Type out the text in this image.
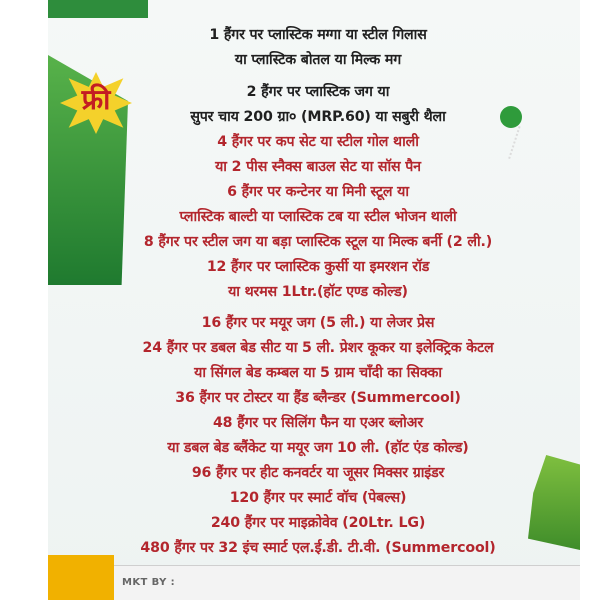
फ्री
1 हैंगर पर प्लास्टिक मग्गा या स्टील गिलास
या प्लास्टिक बोतल या मिल्क मग
2 हैंगर पर प्लास्टिक जग या
सुपर चाय 200 ग्रा० (MRP.60) या सबुरी थैला
4 हैंगर पर कप सेट या स्टील गोल थाली
या 2 पीस स्नैक्स बाउल सेट या सॉस पैन
6 हैंगर पर कन्टेनर या मिनी स्टूल या
प्लास्टिक बाल्टी या प्लास्टिक टब या स्टील भोजन थाली
8 हैंगर पर स्टील जग या बड़ा प्लास्टिक स्टूल या मिल्क बर्नी (2 ली.)
12 हैंगर पर प्लास्टिक कुर्सी या इमरशन रॉड
या थरमस 1Ltr.(हॉट एण्ड कोल्ड)
16 हैंगर पर मयूर जग (5 ली.) या लेजर प्रेस
24 हैंगर पर डबल बेड सीट या 5 ली. प्रेशर कूकर या इलेक्ट्रिक केटल
या सिंगल बेड कम्बल या 5 ग्राम चाँदी का सिक्का
36 हैंगर पर टोस्टर या हैंड ब्लैन्डर (Summercool)
48 हैंगर पर सिलिंग फैन या एअर ब्लोअर
या डबल बेड ब्लैंकेट या मयूर जग 10 ली. (हॉट एंड कोल्ड)
96 हैंगर पर हीट कनवर्टर या जूसर मिक्सर ग्राइंडर
120 हैंगर पर स्मार्ट वॉच (पेबल्स)
240 हैंगर पर माइक्रोवेव (20Ltr. LG)
480 हैंगर पर 32 इंच स्मार्ट एल.ई.डी. टी.वी. (Summercool)
MKT BY :
